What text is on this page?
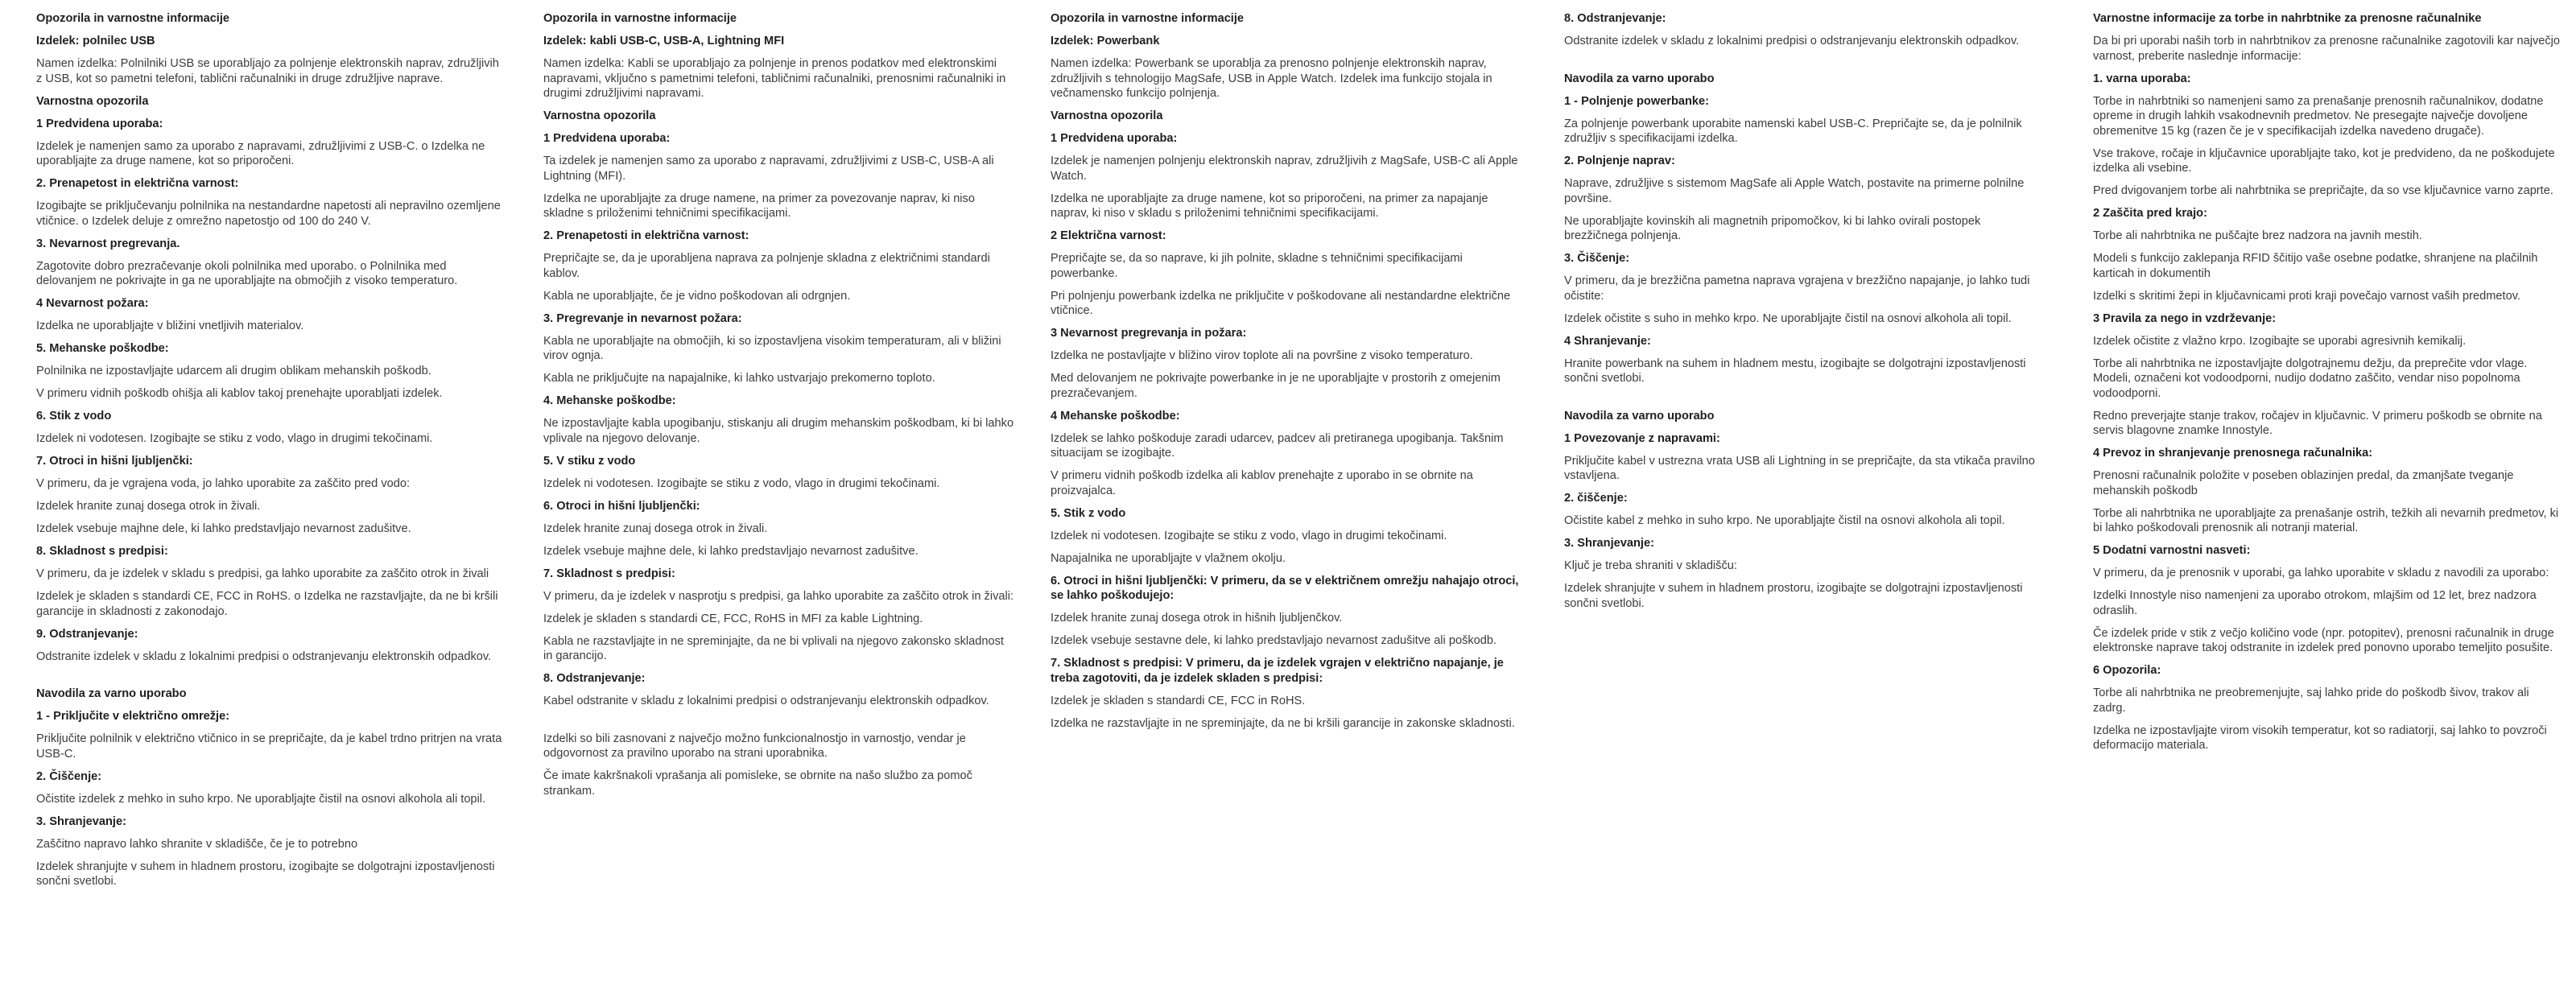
Opozorila in varnostne informacije
Izdelek: polnilec USB
Namen izdelka: Polnilniki USB se uporabljajo za polnjenje elektronskih naprav, združljivih z USB, kot so pametni telefoni, tablični računalniki in druge združljive naprave.
Varnostna opozorila
1 Predvidena uporaba:
Izdelek je namenjen samo za uporabo z napravami, združljivimi z USB-C. o Izdelka ne uporabljajte za druge namene, kot so priporočeni.
2. Prenapetost in električna varnost:
Izogibajte se priključevanju polnilnika na nestandardne napetosti ali nepravilno ozemljene vtičnice. o Izdelek deluje z omrežno napetostjo od 100 do 240 V.
3. Nevarnost pregrevanja.
Zagotovite dobro prezračevanje okoli polnilnika med uporabo. o Polnilnika med delovanjem ne pokrivajte in ga ne uporabljajte na območjih z visoko temperaturo.
4 Nevarnost požara:
Izdelka ne uporabljajte v bližini vnetljivih materialov.
5. Mehanske poškodbe:
Polnilnika ne izpostavljajte udarcem ali drugim oblikam mehanskih poškodb.
V primeru vidnih poškodb ohišja ali kablov takoj prenehajte uporabljati izdelek.
6. Stik z vodo
Izdelek ni vodotesen. Izogibajte se stiku z vodo, vlago in drugimi tekočinami.
7. Otroci in hišni ljubljenčki:
V primeru, da je vgrajena voda, jo lahko uporabite za zaščito pred vodo:
Izdelek hranite zunaj dosega otrok in živali.
Izdelek vsebuje majhne dele, ki lahko predstavljajo nevarnost zadušitve.
8. Skladnost s predpisi:
V primeru, da je izdelek v skladu s predpisi, ga lahko uporabite za zaščito otrok in živali
Izdelek je skladen s standardi CE, FCC in RoHS. o Izdelka ne razstavljajte, da ne bi kršili garancije in skladnosti z zakonodajo.
9. Odstranjevanje:
Odstranite izdelek v skladu z lokalnimi predpisi o odstranjevanju elektronskih odpadkov.
Navodila za varno uporabo
1 - Priključite v električno omrežje:
Priključite polnilnik v električno vtičnico in se prepričajte, da je kabel trdno pritrjen na vrata USB-C.
2. Čiščenje:
Očistite izdelek z mehko in suho krpo. Ne uporabljajte čistil na osnovi alkohola ali topil.
3. Shranjevanje:
Zaščitno napravo lahko shranite v skladišče, če je to potrebno
Izdelek shranjujte v suhem in hladnem prostoru, izogibajte se dolgotrajni izpostavljenosti sončni svetlobi.
Opozorila in varnostne informacije
Izdelek: kabli USB-C, USB-A, Lightning MFI
Namen izdelka: Kabli se uporabljajo za polnjenje in prenos podatkov med elektronskimi napravami, vključno s pametnimi telefoni, tabličnimi računalniki, prenosnimi računalniki in drugimi združljivimi napravami.
Varnostna opozorila
1 Predvidena uporaba:
Ta izdelek je namenjen samo za uporabo z napravami, združljivimi z USB-C, USB-A ali Lightning (MFI).
Izdelka ne uporabljajte za druge namene, na primer za povezovanje naprav, ki niso skladne s priloženimi tehničnimi specifikacijami.
2. Prenapetosti in električna varnost:
Prepričajte se, da je uporabljena naprava za polnjenje skladna z električnimi standardi kablov.
Kabla ne uporabljajte, če je vidno poškodovan ali odrgnjen.
3. Pregrevanje in nevarnost požara:
Kabla ne uporabljajte na območjih, ki so izpostavljena visokim temperaturam, ali v bližini virov ognja.
Kabla ne priključujte na napajalnike, ki lahko ustvarjajo prekomerno toploto.
4. Mehanske poškodbe:
Ne izpostavljajte kabla upogibanju, stiskanju ali drugim mehanskim poškodbam, ki bi lahko vplivale na njegovo delovanje.
5. V stiku z vodo
Izdelek ni vodotesen. Izogibajte se stiku z vodo, vlago in drugimi tekočinami.
6. Otroci in hišni ljubljenčki:
Izdelek hranite zunaj dosega otrok in živali.
Izdelek vsebuje majhne dele, ki lahko predstavljajo nevarnost zadušitve.
7. Skladnost s predpisi:
V primeru, da je izdelek v nasprotju s predpisi, ga lahko uporabite za zaščito otrok in živali:
Izdelek je skladen s standardi CE, FCC, RoHS in MFI za kable Lightning.
Kabla ne razstavljajte in ne spreminjajte, da ne bi vplivali na njegovo zakonsko skladnost in garancijo.
8. Odstranjevanje:
Kabel odstranite v skladu z lokalnimi predpisi o odstranjevanju elektronskih odpadkov.
Izdelki so bili zasnovani z največjo možno funkcionalnostjo in varnostjo, vendar je odgovornost za pravilno uporabo na strani uporabnika.
Če imate kakršnakoli vprašanja ali pomisleke, se obrnite na našo službo za pomoč strankam.
Opozorila in varnostne informacije
Izdelek: Powerbank
Namen izdelka: Powerbank se uporablja za prenosno polnjenje elektronskih naprav, združljivih s tehnologijo MagSafe, USB in Apple Watch. Izdelek ima funkcijo stojala in večnamensko funkcijo polnjenja.
Varnostna opozorila
1 Predvidena uporaba:
Izdelek je namenjen polnjenju elektronskih naprav, združljivih z MagSafe, USB-C ali Apple Watch.
Izdelka ne uporabljajte za druge namene, kot so priporočeni, na primer za napajanje naprav, ki niso v skladu s priloženimi tehničnimi specifikacijami.
2 Električna varnost:
Prepričajte se, da so naprave, ki jih polnite, skladne s tehničnimi specifikacijami powerbanke.
Pri polnjenju powerbank izdelka ne priključite v poškodovane ali nestandardne električne vtičnice.
3 Nevarnost pregrevanja in požara:
Izdelka ne postavljajte v bližino virov toplote ali na površine z visoko temperaturo.
Med delovanjem ne pokrivajte powerbanke in je ne uporabljajte v prostorih z omejenim prezračevanjem.
4 Mehanske poškodbe:
Izdelek se lahko poškoduje zaradi udarcev, padcev ali pretiranega upogibanja. Takšnim situacijam se izogibajte.
V primeru vidnih poškodb izdelka ali kablov prenehajte z uporabo in se obrnite na proizvajalca.
5. Stik z vodo
Izdelek ni vodotesen. Izogibajte se stiku z vodo, vlago in drugimi tekočinami.
Napajalnika ne uporabljajte v vlažnem okolju.
6. Otroci in hišni ljubljenčki: V primeru, da se v električnem omrežju nahajajo otroci, se lahko poškodujejo:
Izdelek hranite zunaj dosega otrok in hišnih ljubljenčkov.
Izdelek vsebuje sestavne dele, ki lahko predstavljajo nevarnost zadušitve ali poškodb.
7. Skladnost s predpisi: V primeru, da je izdelek vgrajen v električno napajanje, je treba zagotoviti, da je izdelek skladen s predpisi:
Izdelek je skladen s standardi CE, FCC in RoHS.
Izdelka ne razstavljajte in ne spreminjajte, da ne bi kršili garancije in zakonske skladnosti.
8. Odstranjevanje:
Odstranite izdelek v skladu z lokalnimi predpisi o odstranjevanju elektronskih odpadkov.
Navodila za varno uporabo
1 - Polnjenje powerbanke:
Za polnjenje powerbank uporabite namenski kabel USB-C. Prepričajte se, da je polnilnik združljiv s specifikacijami izdelka.
2. Polnjenje naprav:
Naprave, združljive s sistemom MagSafe ali Apple Watch, postavite na primerne polnilne površine.
Ne uporabljajte kovinskih ali magnetnih pripomočkov, ki bi lahko ovirali postopek brezžičnega polnjenja.
3. Čiščenje:
V primeru, da je brezžična pametna naprava vgrajena v brezžično napajanje, jo lahko tudi očistite:
Izdelek očistite s suho in mehko krpo. Ne uporabljajte čistil na osnovi alkohola ali topil.
4 Shranjevanje:
Hranite powerbank na suhem in hladnem mestu, izogibajte se dolgotrajni izpostavljenosti sončni svetlobi.
Navodila za varno uporabo
1 Povezovanje z napravami:
Priključite kabel v ustrezna vrata USB ali Lightning in se prepričajte, da sta vtikača pravilno vstavljena.
2. čiščenje:
Očistite kabel z mehko in suho krpo. Ne uporabljajte čistil na osnovi alkohola ali topil.
3. Shranjevanje:
Ključ je treba shraniti v skladišču:
Izdelek shranjujte v suhem in hladnem prostoru, izogibajte se dolgotrajni izpostavljenosti sončni svetlobi.
Varnostne informacije za torbe in nahrbtnike za prenosne računalnike
Da bi pri uporabi naših torb in nahrbtnikov za prenosne računalnike zagotovili kar največjo varnost, preberite naslednje informacije:
1. varna uporaba:
Torbe in nahrbtniki so namenjeni samo za prenašanje prenosnih računalnikov, dodatne opreme in drugih lahkih vsakodnevnih predmetov. Ne presegajte največje dovoljene obremenitve 15 kg (razen če je v specifikacijah izdelka navedeno drugače).
Vse trakove, ročaje in ključavnice uporabljajte tako, kot je predvideno, da ne poškodujete izdelka ali vsebine.
Pred dvigovanjem torbe ali nahrbtnika se prepričajte, da so vse ključavnice varno zaprte.
2 Zaščita pred krajo:
Torbe ali nahrbtnika ne puščajte brez nadzora na javnih mestih.
Modeli s funkcijo zaklepanja RFID ščitijo vaše osebne podatke, shranjene na plačilnih karticah in dokumentih
Izdelki s skritimi žepi in ključavnicami proti kraji povečajo varnost vaših predmetov.
3 Pravila za nego in vzdrževanje:
Izdelek očistite z vlažno krpo. Izogibajte se uporabi agresivnih kemikalij.
Torbe ali nahrbtnika ne izpostavljajte dolgotrajnemu dežju, da preprečite vdor vlage. Modeli, označeni kot vodoodporni, nudijo dodatno zaščito, vendar niso popolnoma vodoodporni.
Redno preverjajte stanje trakov, ročajev in ključavnic. V primeru poškodb se obrnite na servis blagovne znamke Innostyle.
4 Prevoz in shranjevanje prenosnega računalnika:
Prenosni računalnik položite v poseben oblazinjen predal, da zmanjšate tveganje mehanskih poškodb
Torbe ali nahrbtnika ne uporabljajte za prenašanje ostrih, težkih ali nevarnih predmetov, ki bi lahko poškodovali prenosnik ali notranji material.
5 Dodatni varnostni nasveti:
V primeru, da je prenosnik v uporabi, ga lahko uporabite v skladu z navodili za uporabo:
Izdelki Innostyle niso namenjeni za uporabo otrokom, mlajšim od 12 let, brez nadzora odraslih.
Če izdelek pride v stik z večjo količino vode (npr. potopitev), prenosni računalnik in druge elektronske naprave takoj odstranite in izdelek pred ponovno uporabo temeljito posušite.
6 Opozorila:
Torbe ali nahrbtnika ne preobremenjujte, saj lahko pride do poškodb šivov, trakov ali zadrg.
Izdelka ne izpostavljajte virom visokih temperatur, kot so radiatorji, saj lahko to povzroči deformacijo materiala.
